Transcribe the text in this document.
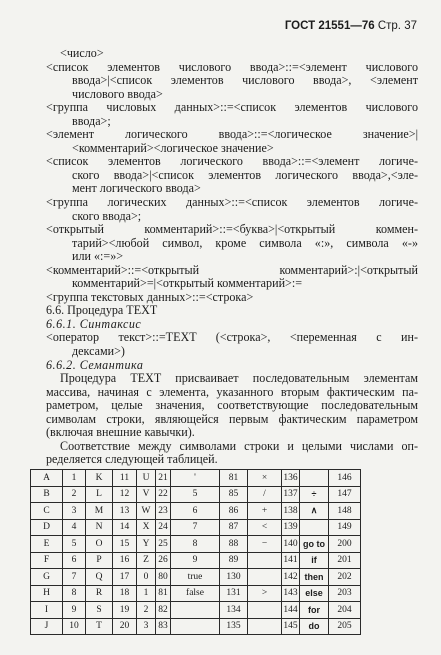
ГОСТ 21551—76 Стр. 37
<число>
<список элементов числового ввода>::=<элемент числового
ввода>|<список элементов числового ввода>, <элемент
числового ввода>
<группа числовых данных>::=<список элементов числового
ввода>;
<элемент логического ввода>::=<логическое значение>|
<комментарий><логическое значение>
<список элементов логического ввода>::=<элемент логиче-
ского ввода>|<список элементов логического ввода>,<эле-
мент логического ввода>
<группа логических данных>::=<список элементов логиче-
ского ввода>;
<открытый комментарий>::=<буква>|<открытый коммен-
тарий><любой символ, кроме символа «:», символа «-»
или «:=»>
<комментарий>::=<открытый комментарий>:|<открытый
комментарий>=|<открытый комментарий>:=
<группа текстовых данных>::=<строка>
6.6. Процедура TEXT
6.6.1. Синтаксис
<оператор текст>::=TEXT (<строка>, <переменная с ин-
дексами>)
6.6.2. Семантика
Процедура TEXT присваивает последовательным элементам
массива, начиная с элемента, указанного вторым фактическим па-
раметром, целые значения, соответствующие последовательным
символам строки, являющейся первым фактическим параметром
(включая внешние кавычки).
Соответствие между символами строки и целыми числами оп-
ределяется следующей таблицей.
A	1	K	11	U	21	'	81	×	136		146
B	2	L	12	V	22	5	85	/	137	÷	147
C	3	M	13	W	23	6	86	+	138	∧	148
D	4	N	14	X	24	7	87	<	139		149
E	5	O	15	Y	25	8	88	−	140	go to	200
F	6	P	16	Z	26	9	89		141	if	201
G	7	Q	17	0	80	true	130		142	then	202
H	8	R	18	1	81	false	131	>	143	else	203
I	9	S	19	2	82		134		144	for	204
J	10	T	20	3	83		135		145	do	205
